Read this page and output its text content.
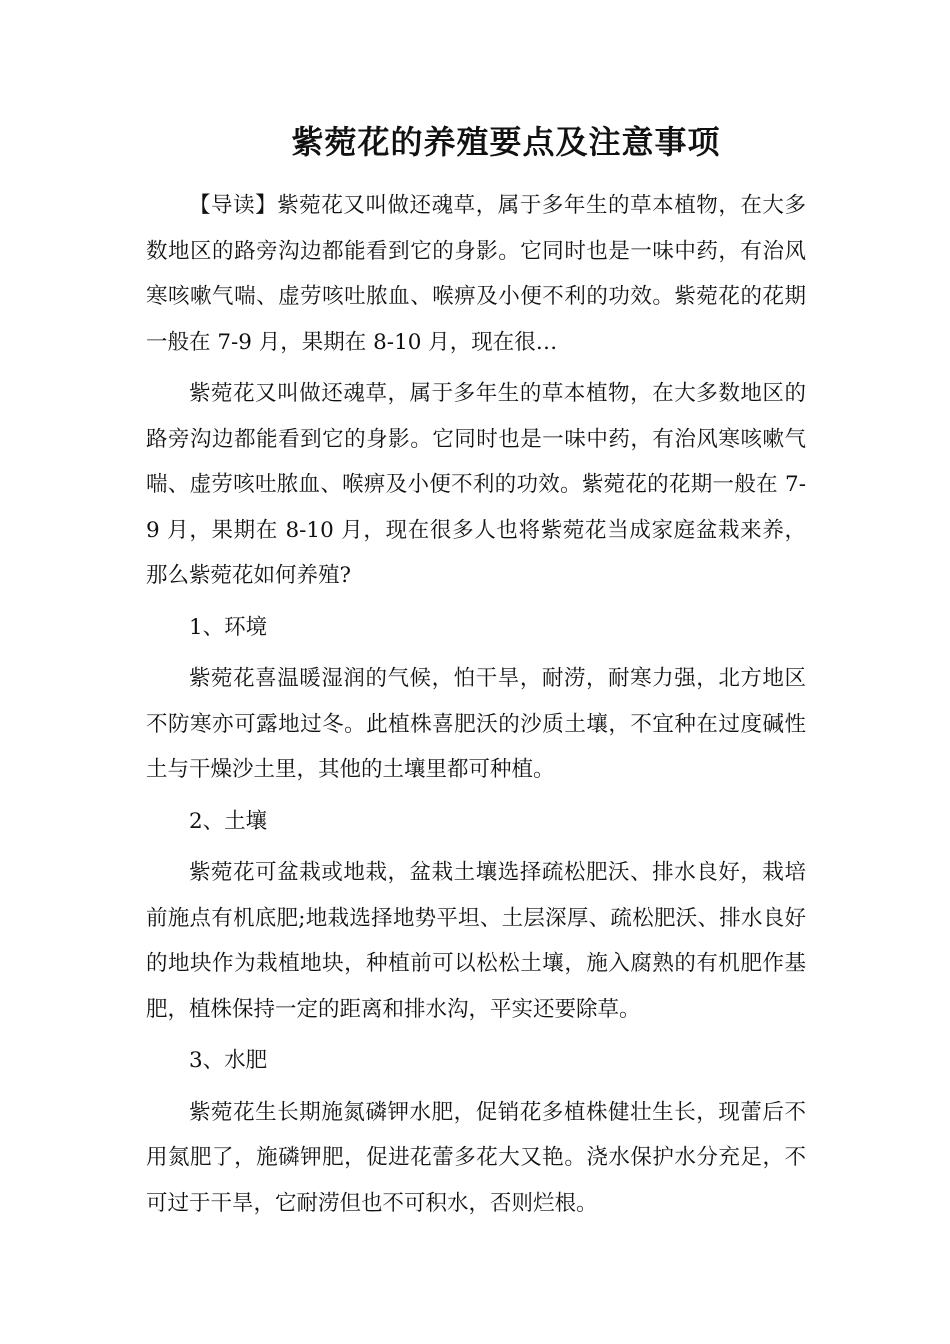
紫菀花的养殖要点及注意事项

【导读】紫菀花又叫做还魂草，属于多年生的草本植物，在大多数地区的路旁沟边都能看到它的身影。它同时也是一味中药，有治风寒咳嗽气喘、虚劳咳吐脓血、喉痹及小便不利的功效。紫菀花的花期一般在 7-9 月，果期在 8-10 月，现在很…

紫菀花又叫做还魂草，属于多年生的草本植物，在大多数地区的路旁沟边都能看到它的身影。它同时也是一味中药，有治风寒咳嗽气喘、虚劳咳吐脓血、喉痹及小便不利的功效。紫菀花的花期一般在 7-9 月，果期在 8-10 月，现在很多人也将紫菀花当成家庭盆栽来养，那么紫菀花如何养殖?

1、环境

紫菀花喜温暖湿润的气候，怕干旱，耐涝，耐寒力强，北方地区不防寒亦可露地过冬。此植株喜肥沃的沙质土壤，不宜种在过度碱性土与干燥沙土里，其他的土壤里都可种植。

2、土壤

紫菀花可盆栽或地栽，盆栽土壤选择疏松肥沃、排水良好，栽培前施点有机底肥;地栽选择地势平坦、土层深厚、疏松肥沃、排水良好的地块作为栽植地块，种植前可以松松土壤，施入腐熟的有机肥作基肥，植株保持一定的距离和排水沟，平实还要除草。

3、水肥

紫菀花生长期施氮磷钾水肥，促销花多植株健壮生长，现蕾后不用氮肥了，施磷钾肥，促进花蕾多花大又艳。浇水保护水分充足，不可过于干旱，它耐涝但也不可积水，否则烂根。
